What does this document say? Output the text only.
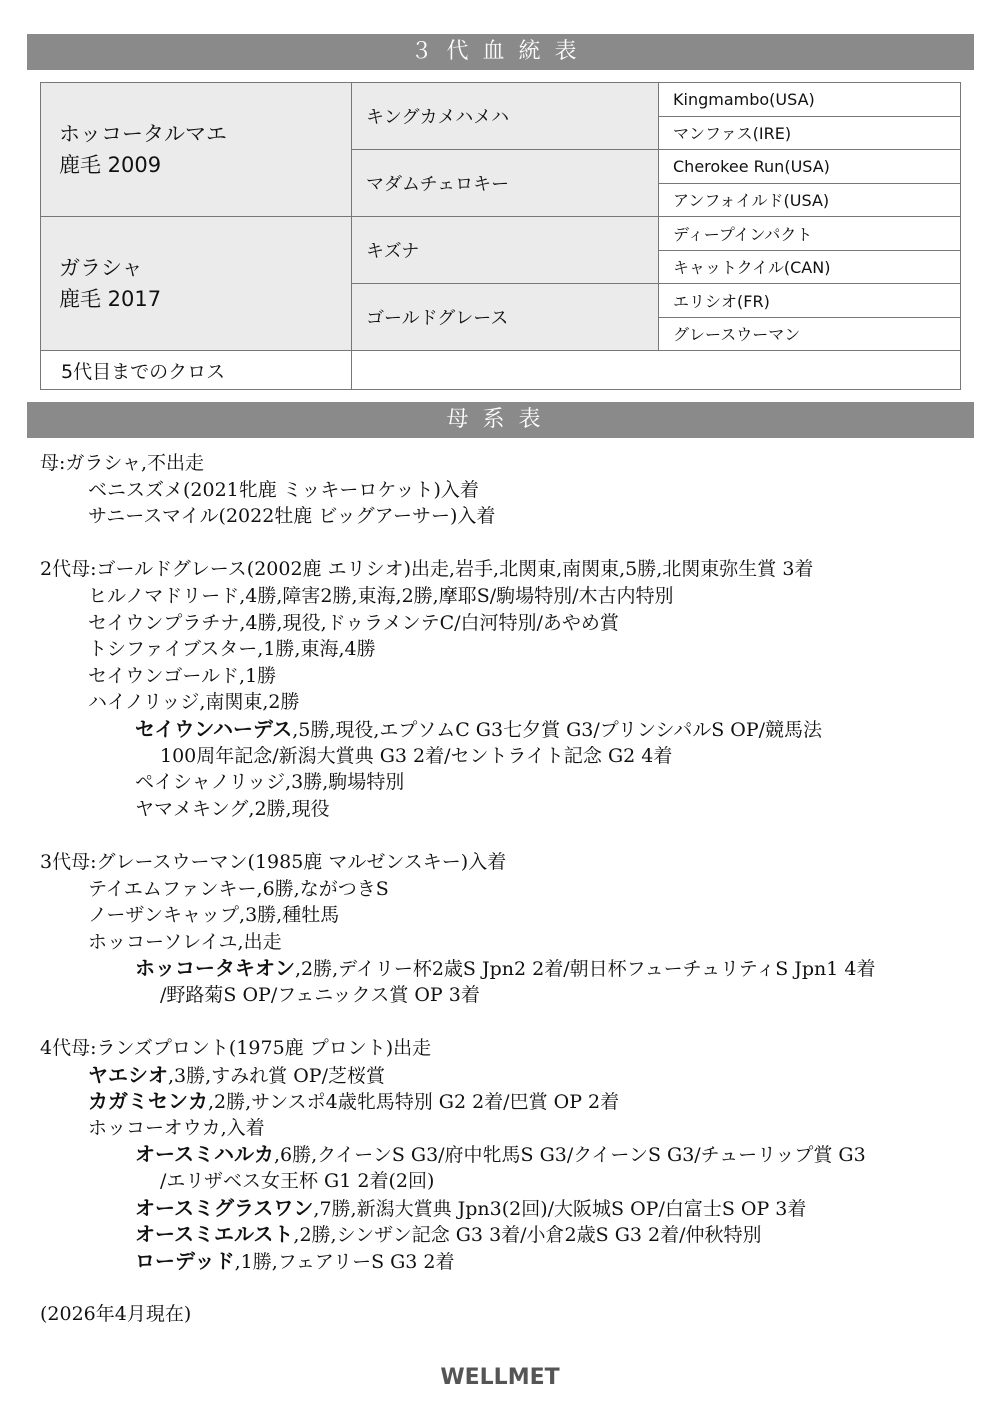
３代血統表
ホッコータルマエ
鹿毛 2009	キングカメハメハ	Kingmambo(USA)
		マンファス(IRE)
	マダムチェロキー	Cherokee Run(USA)
		アンフォイルド(USA)

ガラシャ
鹿毛 2017	キズナ	ディープインパクト
		キャットクイル(CAN)
	ゴールドグレース	エリシオ(FR)
		グレースウーマン
5代目までのクロス		
母系表
母:ガラシャ,不出走
ベニスズメ(2021牝鹿 ミッキーロケット)入着
サニースマイル(2022牡鹿 ビッグアーサー)入着
2代母:ゴールドグレース(2002鹿 エリシオ)出走,岩手,北関東,南関東,5勝,北関東弥生賞 3着
ヒルノマドリード,4勝,障害2勝,東海,2勝,摩耶S/駒場特別/木古内特別
セイウンプラチナ,4勝,現役,ドゥラメンテC/白河特別/あやめ賞
トシファイブスター,1勝,東海,4勝
セイウンゴールド,1勝
ハイノリッジ,南関東,2勝
セイウンハーデス,5勝,現役,エプソムC G3七夕賞 G3/プリンシパルS OP/競馬法
100周年記念/新潟大賞典 G3 2着/セントライト記念 G2 4着
ペイシャノリッジ,3勝,駒場特別
ヤマメキング,2勝,現役
3代母:グレースウーマン(1985鹿 マルゼンスキー)入着
テイエムファンキー,6勝,ながつきS
ノーザンキャップ,3勝,種牡馬
ホッコーソレイユ,出走
ホッコータキオン,2勝,デイリー杯2歳S Jpn2 2着/朝日杯フューチュリティS Jpn1 4着
/野路菊S OP/フェニックス賞 OP 3着
4代母:ランズプロント(1975鹿 プロント)出走
ヤエシオ,3勝,すみれ賞 OP/芝桜賞
カガミセンカ,2勝,サンスポ4歳牝馬特別 G2 2着/巴賞 OP 2着
ホッコーオウカ,入着
オースミハルカ,6勝,クイーンS G3/府中牝馬S G3/クイーンS G3/チューリップ賞 G3
/エリザベス女王杯 G1 2着(2回)
オースミグラスワン,7勝,新潟大賞典 Jpn3(2回)/大阪城S OP/白富士S OP 3着
オースミエルスト,2勝,シンザン記念 G3 3着/小倉2歳S G3 2着/仲秋特別
ローデッド,1勝,フェアリーS G3 2着
(2026年4月現在)
WELLMET
